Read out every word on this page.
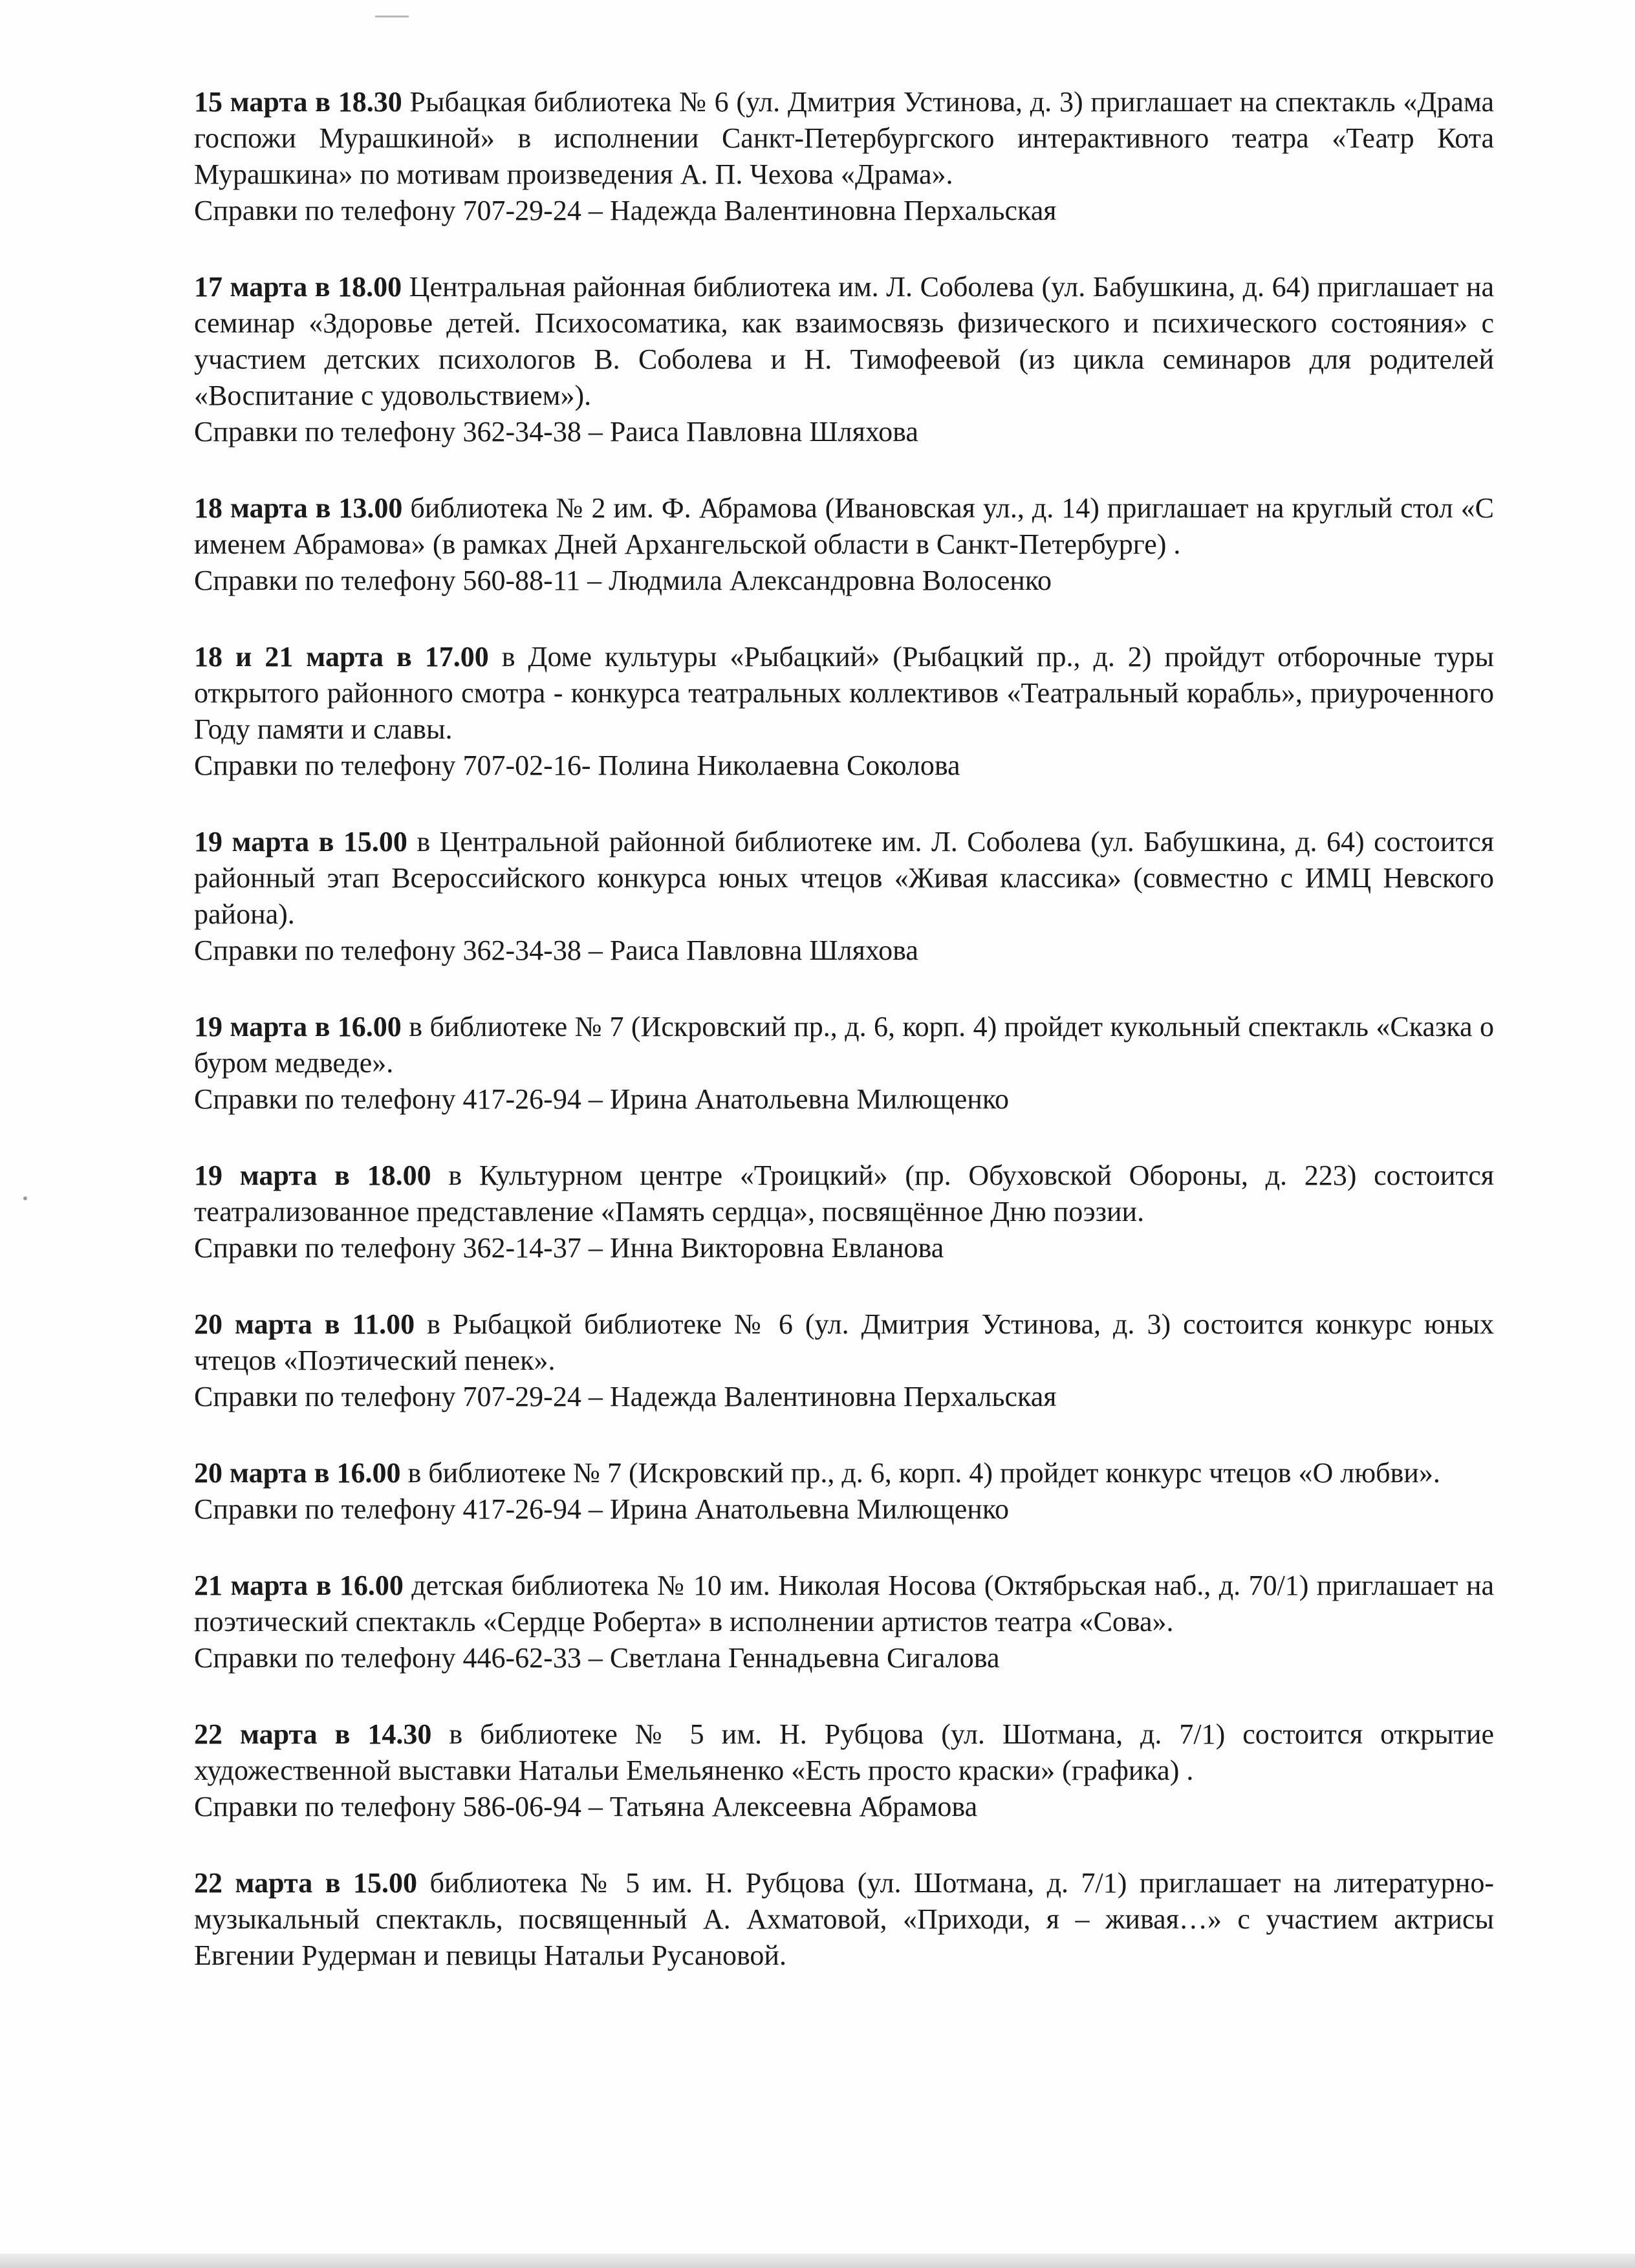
15 марта в 18.30 Рыбацкая библиотека № 6 (ул. Дмитрия Устинова, д. 3) приглашает на спектакль «Драма госпожи Мурашкиной» в исполнении Санкт-Петербургского интерактивного театра «Театр Кота Мурашкина» по мотивам произведения А. П. Чехова «Драма».

Справки по телефону 707-29-24 – Надежда Валентиновна Перхальская

17 марта в 18.00 Центральная районная библиотека им. Л. Соболева (ул. Бабушкина, д. 64) приглашает на семинар «Здоровье детей. Психосоматика, как взаимосвязь физического и психического состояния» с участием детских психологов В. Соболева и Н. Тимофеевой (из цикла семинаров для родителей «Воспитание с удовольствием»).

Справки по телефону 362-34-38 – Раиса Павловна Шляхова

18 марта в 13.00 библиотека № 2 им. Ф. Абрамова (Ивановская ул., д. 14) приглашает на круглый стол «С именем Абрамова» (в рамках Дней Архангельской области в Санкт-Петербурге) .

Справки по телефону 560-88-11 – Людмила Александровна Волосенко

18 и 21 марта в 17.00 в Доме культуры «Рыбацкий» (Рыбацкий пр., д. 2) пройдут отборочные туры открытого районного смотра - конкурса театральных коллективов «Театральный корабль», приуроченного Году памяти и славы.

Справки по телефону 707-02-16- Полина Николаевна Соколова

19 марта в 15.00 в Центральной районной библиотеке им. Л. Соболева (ул. Бабушкина, д. 64) состоится районный этап Всероссийского конкурса юных чтецов «Живая классика» (совместно с ИМЦ Невского района).

Справки по телефону 362-34-38 – Раиса Павловна Шляхова

19 марта в 16.00 в библиотеке № 7 (Искровский пр., д. 6, корп. 4) пройдет кукольный спектакль «Сказка о буром медведе».

Справки по телефону 417-26-94 – Ирина Анатольевна Милющенко

19 марта в 18.00 в Культурном центре «Троицкий» (пр. Обуховской Обороны, д. 223) состоится театрализованное представление «Память сердца», посвящённое Дню поэзии.

Справки по телефону 362-14-37 – Инна Викторовна Евланова

20 марта в 11.00 в Рыбацкой библиотеке № 6 (ул. Дмитрия Устинова, д. 3) состоится конкурс юных чтецов «Поэтический пенек».

Справки по телефону 707-29-24 – Надежда Валентиновна Перхальская

20 марта в 16.00 в библиотеке № 7 (Искровский пр., д. 6, корп. 4) пройдет конкурс чтецов «О любви».

Справки по телефону 417-26-94 – Ирина Анатольевна Милющенко

21 марта в 16.00 детская библиотека № 10 им. Николая Носова (Октябрьская наб., д. 70/1) приглашает на поэтический спектакль «Сердце Роберта» в исполнении артистов театра «Сова».

Справки по телефону 446-62-33 – Светлана Геннадьевна Сигалова

22 марта в 14.30 в библиотеке № 5 им. Н. Рубцова (ул. Шотмана, д. 7/1) состоится открытие художественной выставки Натальи Емельяненко «Есть просто краски» (графика) .

Справки по телефону 586-06-94 – Татьяна Алексеевна Абрамова

22 марта в 15.00 библиотека № 5 им. Н. Рубцова (ул. Шотмана, д. 7/1) приглашает на литературно-музыкальный спектакль, посвященный А. Ахматовой, «Приходи, я – живая…» с участием актрисы Евгении Рудерман и певицы Натальи Русановой.
